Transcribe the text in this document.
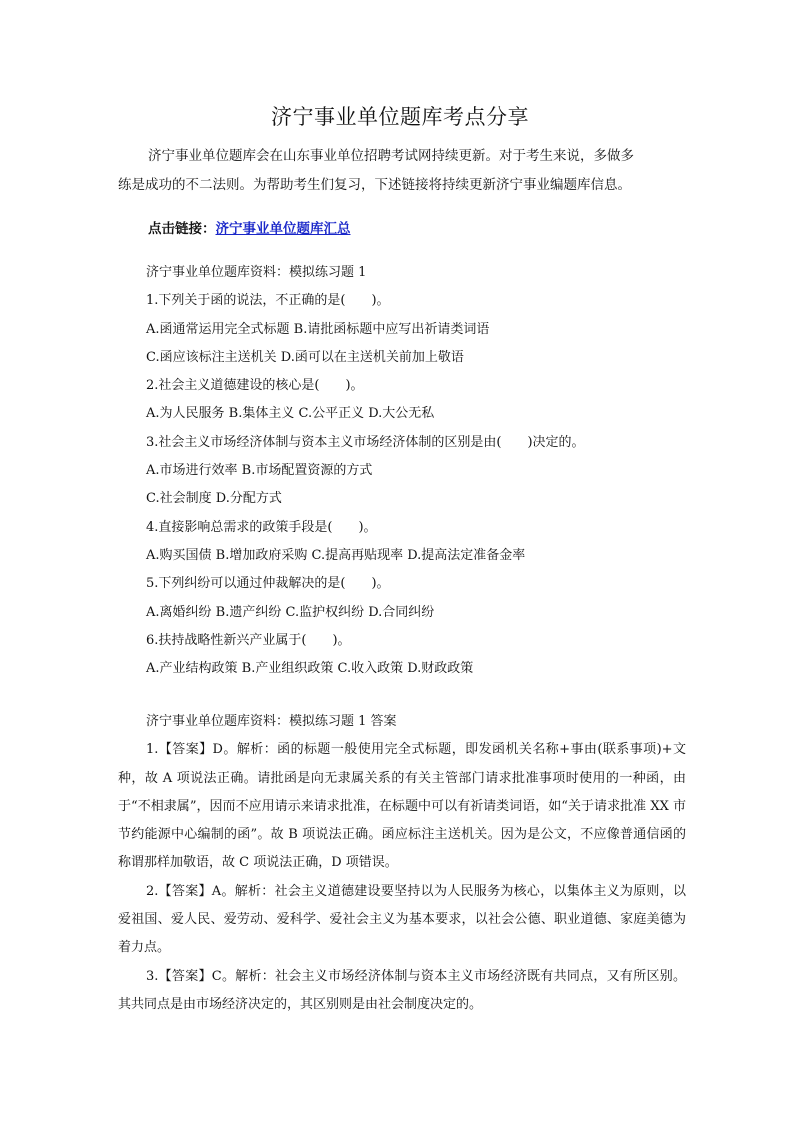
济宁事业单位题库考点分享

济宁事业单位题库会在山东事业单位招聘考试网持续更新。对于考生来说，多做多

练是成功的不二法则。为帮助考生们复习，下述链接将持续更新济宁事业编题库信息。

点击链接：济宁事业单位题库汇总
济宁事业单位题库资料：模拟练习题 1
1.下列关于函的说法，不正确的是(　　)。
A.函通常运用完全式标题 B.请批函标题中应写出祈请类词语
C.函应该标注主送机关 D.函可以在主送机关前加上敬语
2.社会主义道德建设的核心是(　　)。
A.为人民服务 B.集体主义 C.公平正义 D.大公无私
3.社会主义市场经济体制与资本主义市场经济体制的区别是由(　　)决定的。
A.市场进行效率 B.市场配置资源的方式
C.社会制度 D.分配方式
4.直接影响总需求的政策手段是(　　)。
A.购买国债 B.增加政府采购 C.提高再贴现率 D.提高法定准备金率
5.下列纠纷可以通过仲裁解决的是(　　)。
A.离婚纠纷 B.遗产纠纷 C.监护权纠纷 D.合同纠纷
6.扶持战略性新兴产业属于(　　)。
A.产业结构政策 B.产业组织政策 C.收入政策 D.财政政策
济宁事业单位题库资料：模拟练习题 1 答案

1.【答案】D。解析：函的标题一般使用完全式标题，即发函机关名称+事由(联系事项)+文种，故 A 项说法正确。请批函是向无隶属关系的有关主管部门请求批准事项时使用的一种函，由于“不相隶属”，因而不应用请示来请求批准，在标题中可以有祈请类词语，如“关于请求批准 XX 市节约能源中心编制的函”。故 B 项说法正确。函应标注主送机关。因为是公文，不应像普通信函的称谓那样加敬语，故 C 项说法正确，D 项错误。

2.【答案】A。解析：社会主义道德建设要坚持以为人民服务为核心，以集体主义为原则，以爱祖国、爱人民、爱劳动、爱科学、爱社会主义为基本要求，以社会公德、职业道德、家庭美德为着力点。

3.【答案】C。解析：社会主义市场经济体制与资本主义市场经济既有共同点，又有所区别。其共同点是由市场经济决定的，其区别则是由社会制度决定的。
